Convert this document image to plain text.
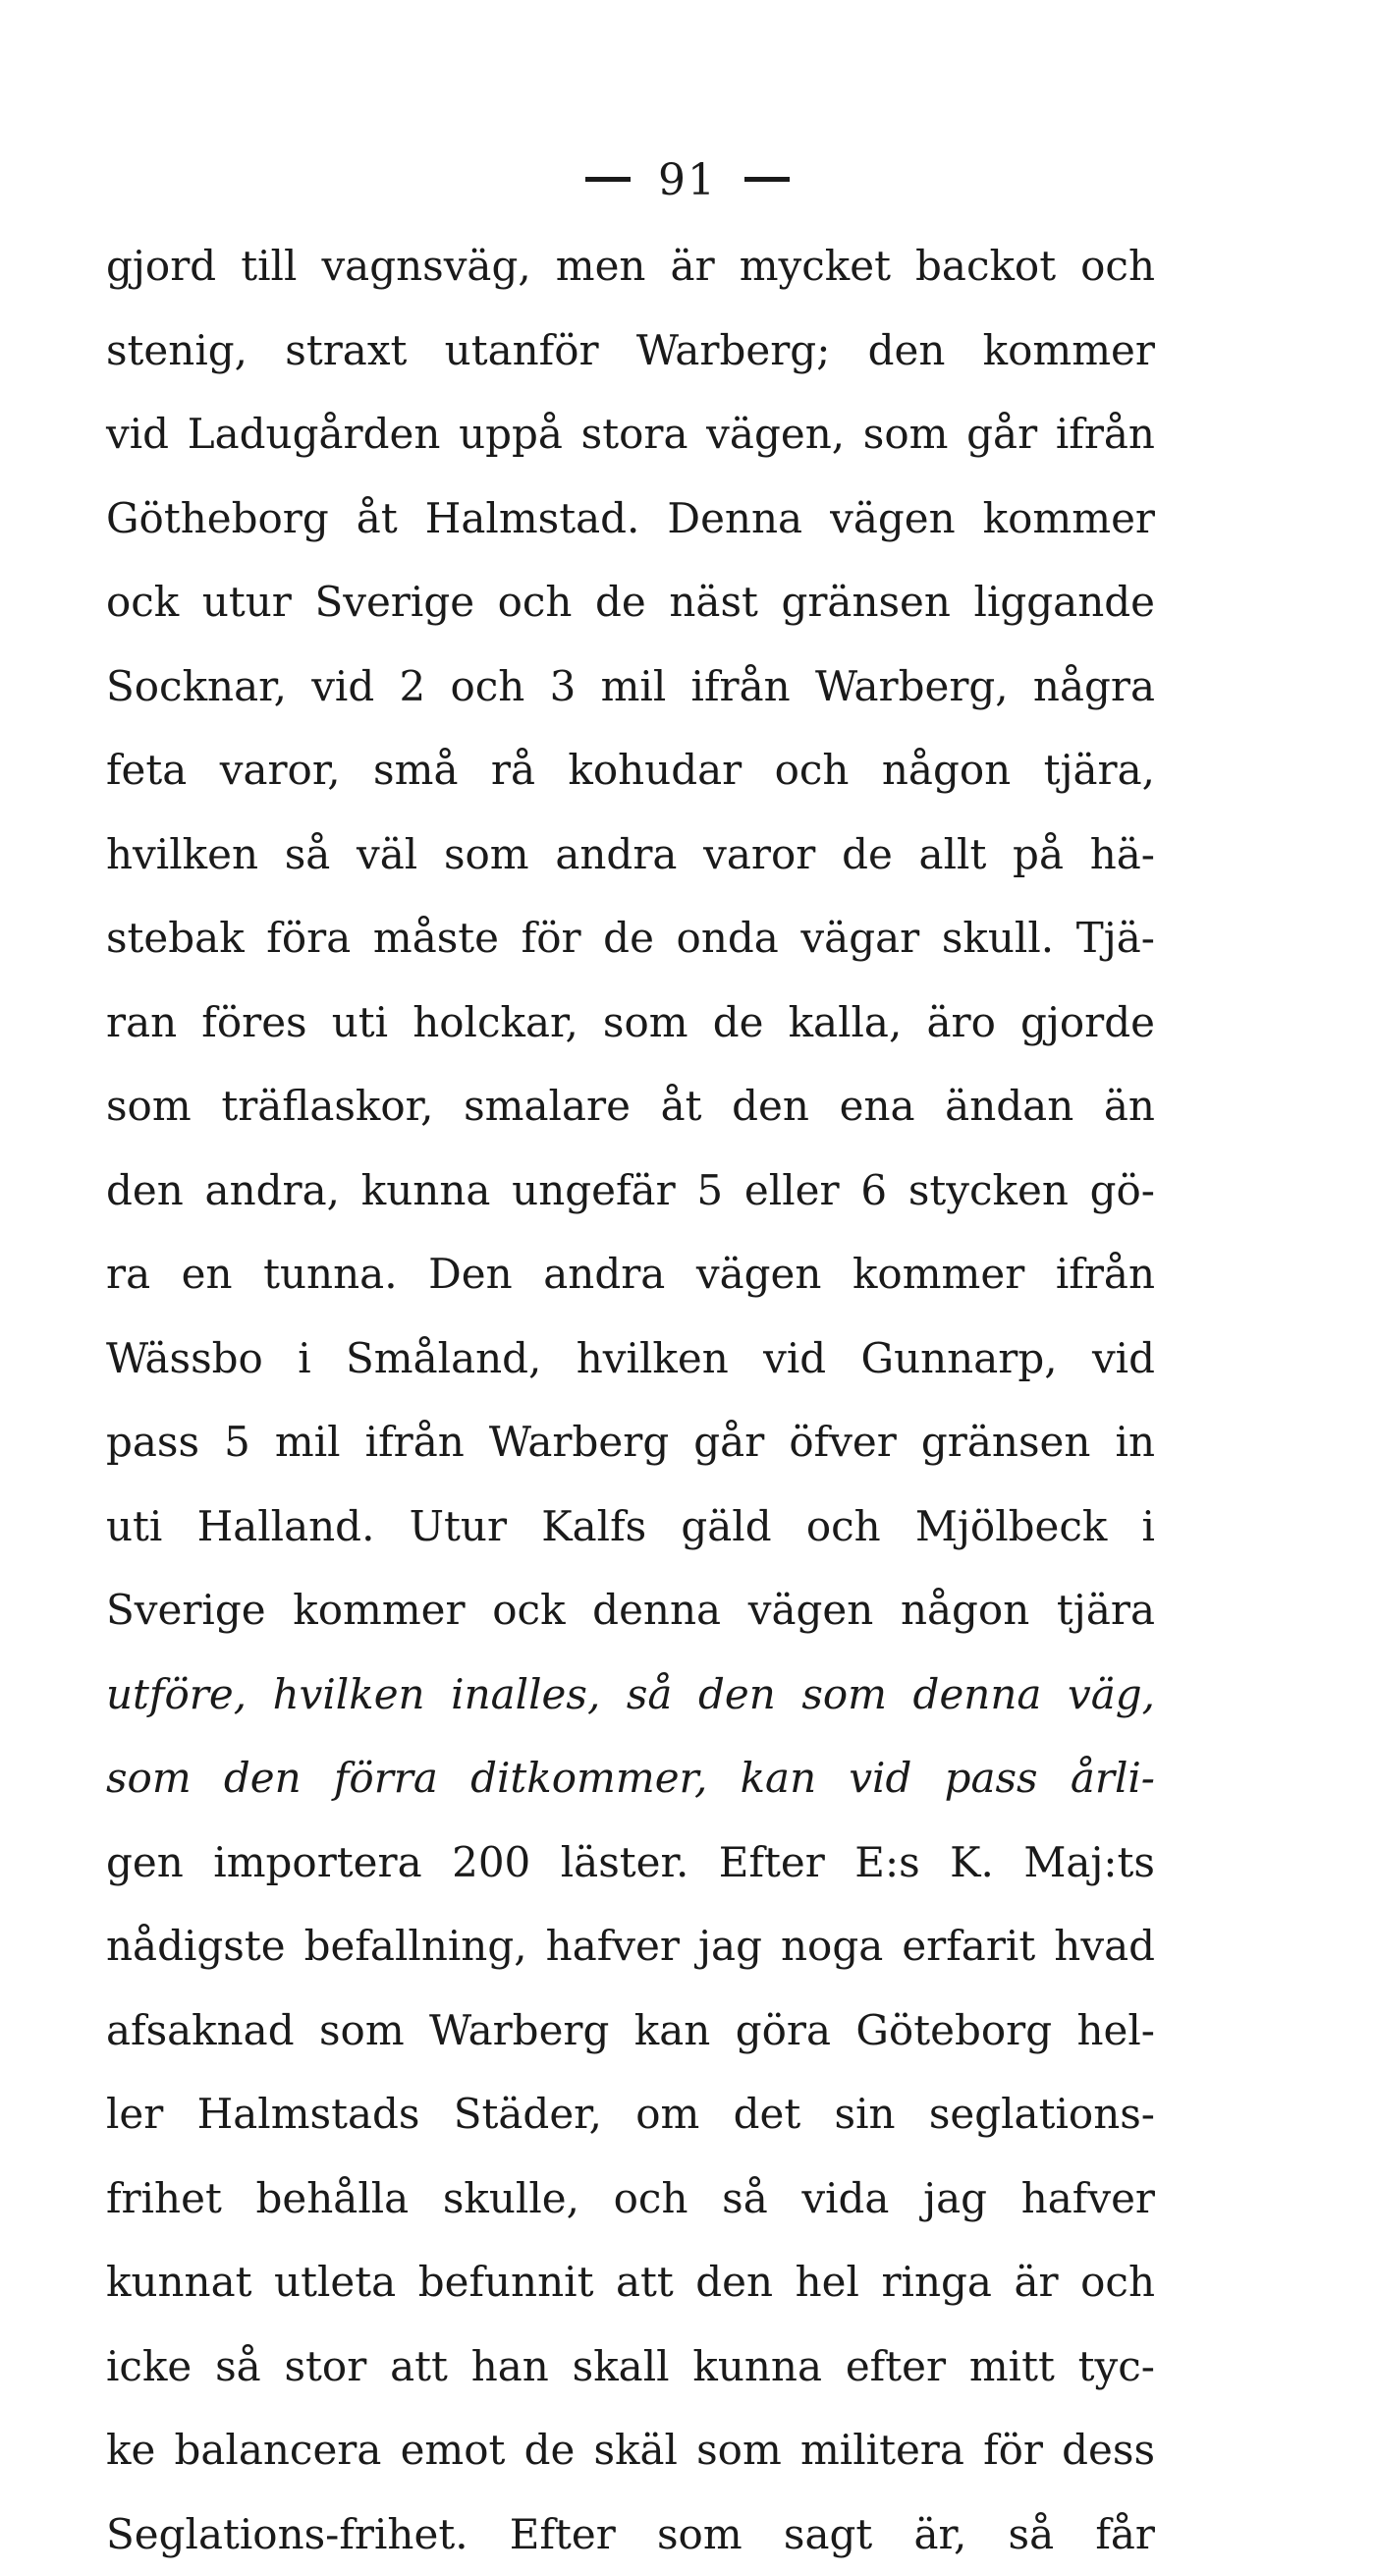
91
gjord till vagnsväg, men är mycket backot och
stenig, straxt utanför Warberg; den kommer
vid Ladugården uppå stora vägen, som går ifrån
Götheborg åt Halmstad. Denna vägen kommer
ock utur Sverige och de näst gränsen liggande
Socknar, vid 2 och 3 mil ifrån Warberg, några
feta varor, små rå kohudar och någon tjära,
hvilken så väl som andra varor de allt på hä-
stebak föra måste för de onda vägar skull. Tjä-
ran föres uti holckar, som de kalla, äro gjorde
som träflaskor, smalare åt den ena ändan än
den andra, kunna ungefär 5 eller 6 stycken gö-
ra en tunna. Den andra vägen kommer ifrån
Wässbo i Småland, hvilken vid Gunnarp, vid
pass 5 mil ifrån Warberg går öfver gränsen in
uti Halland. Utur Kalfs gäld och Mjölbeck i
Sverige kommer ock denna vägen någon tjära
utföre, hvilken inalles, så den som denna väg,
som den förra ditkommer, kan vid pass årli-
gen importera 200 läster. Efter E:s K. Maj:ts
nådigste befallning, hafver jag noga erfarit hvad
afsaknad som Warberg kan göra Göteborg hel-
ler Halmstads Städer, om det sin seglations-
frihet behålla skulle, och så vida jag hafver
kunnat utleta befunnit att den hel ringa är och
icke så stor att han skall kunna efter mitt tyc-
ke balancera emot de skäl som militera för dess
Seglations-frihet. Efter som sagt är, så får
